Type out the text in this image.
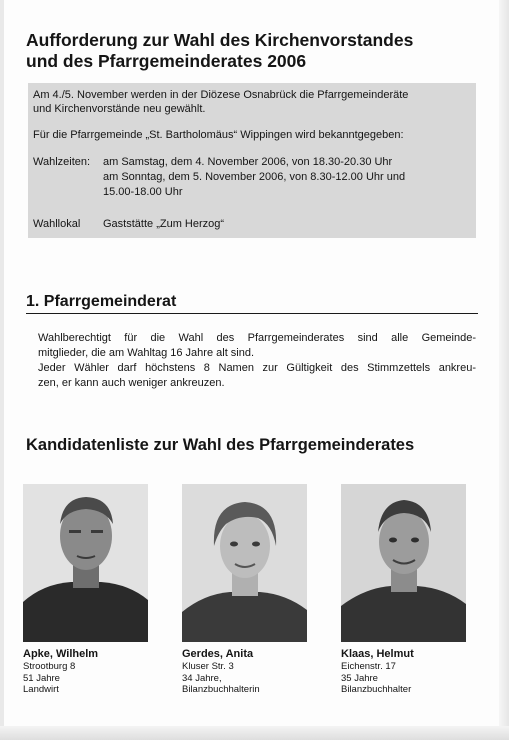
Aufforderung zur Wahl des Kirchenvorstandes
und des Pfarrgemeinderates 2006
Am 4./5. November werden in der Diözese Osnabrück die Pfarrgemeinderäte
und Kirchenvorstände neu gewählt.
Für die Pfarrgemeinde „St. Bartholomäus“ Wippingen wird bekanntgegeben:
Wahlzeiten: am Samstag, dem 4. November 2006, von 18.30-20.30 Uhr
am Sonntag, dem 5. November 2006, von 8.30-12.00 Uhr und
15.00-18.00 Uhr
Wahllokal Gaststätte „Zum Herzog“
1. Pfarrgemeinderat

Wahlberechtigt für die Wahl des Pfarrgemeinderates sind alle Gemeinde-
mitglieder, die am Wahltag 16 Jahre alt sind.
Jeder Wähler darf höchstens 8 Namen zur Gültigkeit des Stimmzettels ankreu-
zen, er kann auch weniger ankreuzen.

Kandidatenliste zur Wahl des Pfarrgemeinderates
Apke, Wilhelm
Strootburg 8
51 Jahre
Landwirt
Gerdes, Anita
Kluser Str. 3
34 Jahre,
Bilanzbuchhalterin
Klaas, Helmut
Eichenstr. 17
35 Jahre
Bilanzbuchhalter
